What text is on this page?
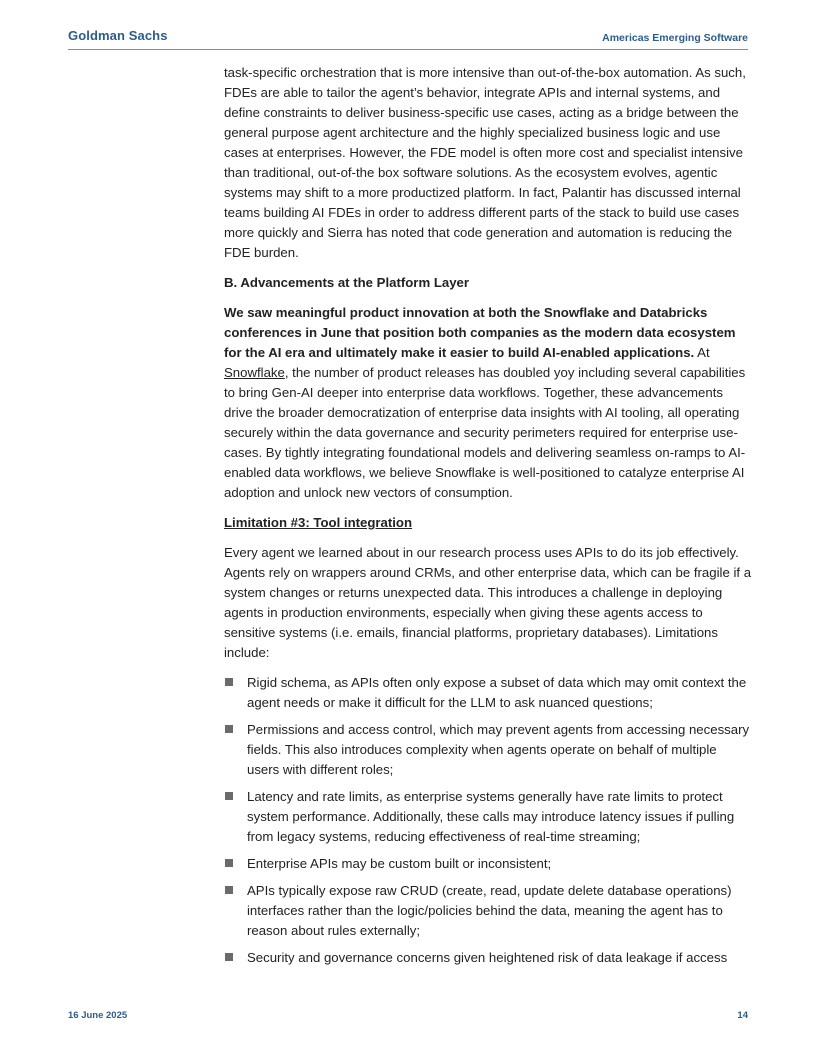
Goldman Sachs	Americas Emerging Software

task-specific orchestration that is more intensive than out-of-the-box automation. As such, FDEs are able to tailor the agent’s behavior, integrate APIs and internal systems, and define constraints to deliver business-specific use cases, acting as a bridge between the general purpose agent architecture and the highly specialized business logic and use cases at enterprises. However, the FDE model is often more cost and specialist intensive than traditional, out-of-the box software solutions. As the ecosystem evolves, agentic systems may shift to a more productized platform. In fact, Palantir has discussed internal teams building AI FDEs in order to address different parts of the stack to build use cases more quickly and Sierra has noted that code generation and automation is reducing the FDE burden.

B. Advancements at the Platform Layer

We saw meaningful product innovation at both the Snowflake and Databricks conferences in June that position both companies as the modern data ecosystem for the AI era and ultimately make it easier to build AI-enabled applications. At Snowflake, the number of product releases has doubled yoy including several capabilities to bring Gen-AI deeper into enterprise data workflows. Together, these advancements drive the broader democratization of enterprise data insights with AI tooling, all operating securely within the data governance and security perimeters required for enterprise use-cases. By tightly integrating foundational models and delivering seamless on-ramps to AI-enabled data workflows, we believe Snowflake is well-positioned to catalyze enterprise AI adoption and unlock new vectors of consumption.

Limitation #3: Tool integration

Every agent we learned about in our research process uses APIs to do its job effectively. Agents rely on wrappers around CRMs, and other enterprise data, which can be fragile if a system changes or returns unexpected data. This introduces a challenge in deploying agents in production environments, especially when giving these agents access to sensitive systems (i.e. emails, financial platforms, proprietary databases). Limitations include:

Rigid schema, as APIs often only expose a subset of data which may omit context the agent needs or make it difficult for the LLM to ask nuanced questions;
Permissions and access control, which may prevent agents from accessing necessary fields. This also introduces complexity when agents operate on behalf of multiple users with different roles;
Latency and rate limits, as enterprise systems generally have rate limits to protect system performance. Additionally, these calls may introduce latency issues if pulling from legacy systems, reducing effectiveness of real-time streaming;
Enterprise APIs may be custom built or inconsistent;
APIs typically expose raw CRUD (create, read, update delete database operations) interfaces rather than the logic/policies behind the data, meaning the agent has to reason about rules externally;
Security and governance concerns given heightened risk of data leakage if access
16 June 2025	14
